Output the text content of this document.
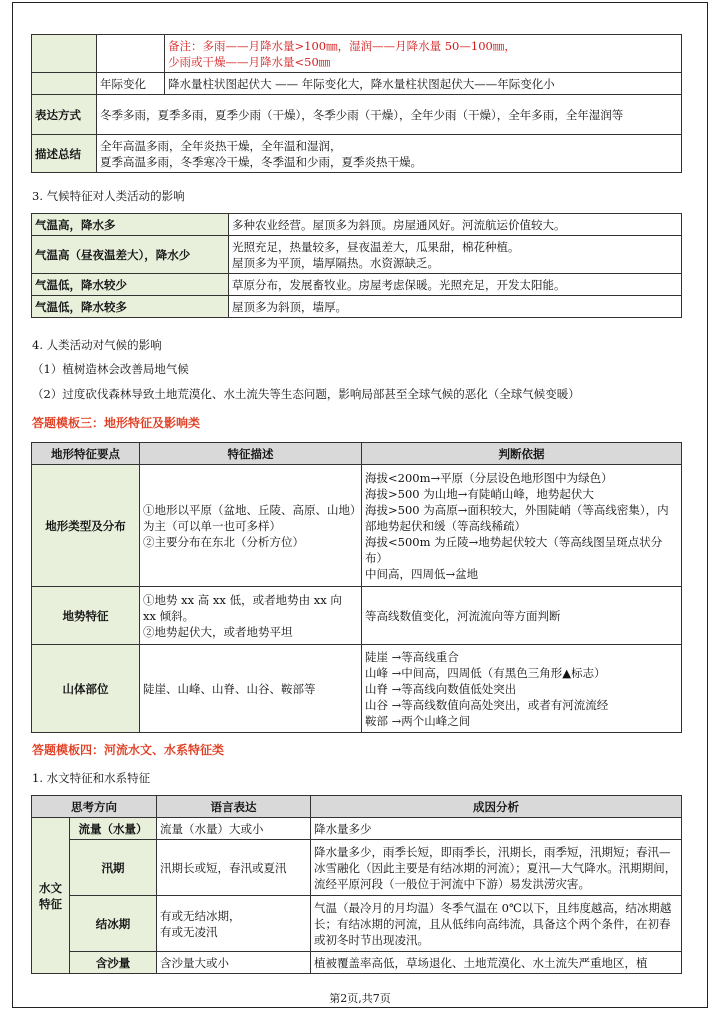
		备注：多雨——月降水量>100㎜，湿润——月降水量 50—100㎜，
少雨或干燥——月降水量<50㎜
	年际变化	降水量柱状图起伏大 —— 年际变化大，降水量柱状图起伏大——年际变化小
表达方式	冬季多雨，夏季多雨，夏季少雨（干燥），冬季少雨（干燥），全年少雨（干燥），全年多雨，全年湿润等	
描述总结	全年高温多雨，全年炎热干燥，全年温和湿润，
夏季高温多雨，冬季寒冷干燥，冬季温和少雨，夏季炎热干燥。	
3. 气候特征对人类活动的影响
气温高，降水多	多种农业经营。屋顶多为斜顶。房屋通风好。河流航运价值较大。
气温高（昼夜温差大），降水少	光照充足，热量较多，昼夜温差大，瓜果甜，棉花种植。
屋顶多为平顶，墙厚隔热。水资源缺乏。
气温低，降水较少	草原分布，发展畜牧业。房屋考虑保暖。光照充足，开发太阳能。
气温低，降水较多	屋顶多为斜顶，墙厚。
4. 人类活动对气候的影响
（1）植树造林会改善局地气候
（2）过度砍伐森林导致土地荒漠化、水土流失等生态问题，影响局部甚至全球气候的恶化（全球气候变暖）
答题模板三：地形特征及影响类
地形特征要点	特征描述	判断依据
地形类型及分布	①地形以平原（盆地、丘陵、高原、山地）为主（可以单一也可多样）
②主要分布在东北（分析方位）	海拔<200m→平原（分层设色地形图中为绿色）
海拔>500 为山地→有陡峭山峰，地势起伏大
海拔>500 为高原→面积较大，外围陡峭（等高线密集），内部地势起伏和缓（等高线稀疏）
海拔<500m 为丘陵→地势起伏较大（等高线图呈斑点状分布）
中间高，四周低→盆地
地势特征	①地势 xx 高 xx 低，或者地势由 xx 向 xx 倾斜。
②地势起伏大，或者地势平坦	等高线数值变化，河流流向等方面判断
山体部位	陡崖、山峰、山脊、山谷、鞍部等	陡崖 →等高线重合
山峰 →中间高，四周低（有黑色三角形▲标志）
山脊 →等高线向数值低处突出
山谷 →等高线数值向高处突出，或者有河流流经
鞍部 →两个山峰之间
答题模板四：河流水文、水系特征类
1. 水文特征和水系特征
思考方向		语言表达	成因分析
水文
特征	流量（水量）	流量（水量）大或小	降水量多少
	汛期	汛期长或短，春汛或夏汛	降水量多少，雨季长短，即雨季长，汛期长，雨季短，汛期短；春汛—冰雪融化（因此主要是有结冰期的河流）；夏汛—大气降水。汛期期间，流经平原河段（一般位于河流中下游）易发洪涝灾害。
	结冰期	有或无结冰期，
有或无凌汛	气温（最冷月的月均温）冬季气温在 0℃以下，且纬度越高，结冰期越长；有结冰期的河流，且从低纬向高纬流，具备这个两个条件，在初春或初冬时节出现凌汛。
	含沙量	含沙量大或小	植被覆盖率高低，草场退化、土地荒漠化、水土流失严重地区，植
第2页,共7页
